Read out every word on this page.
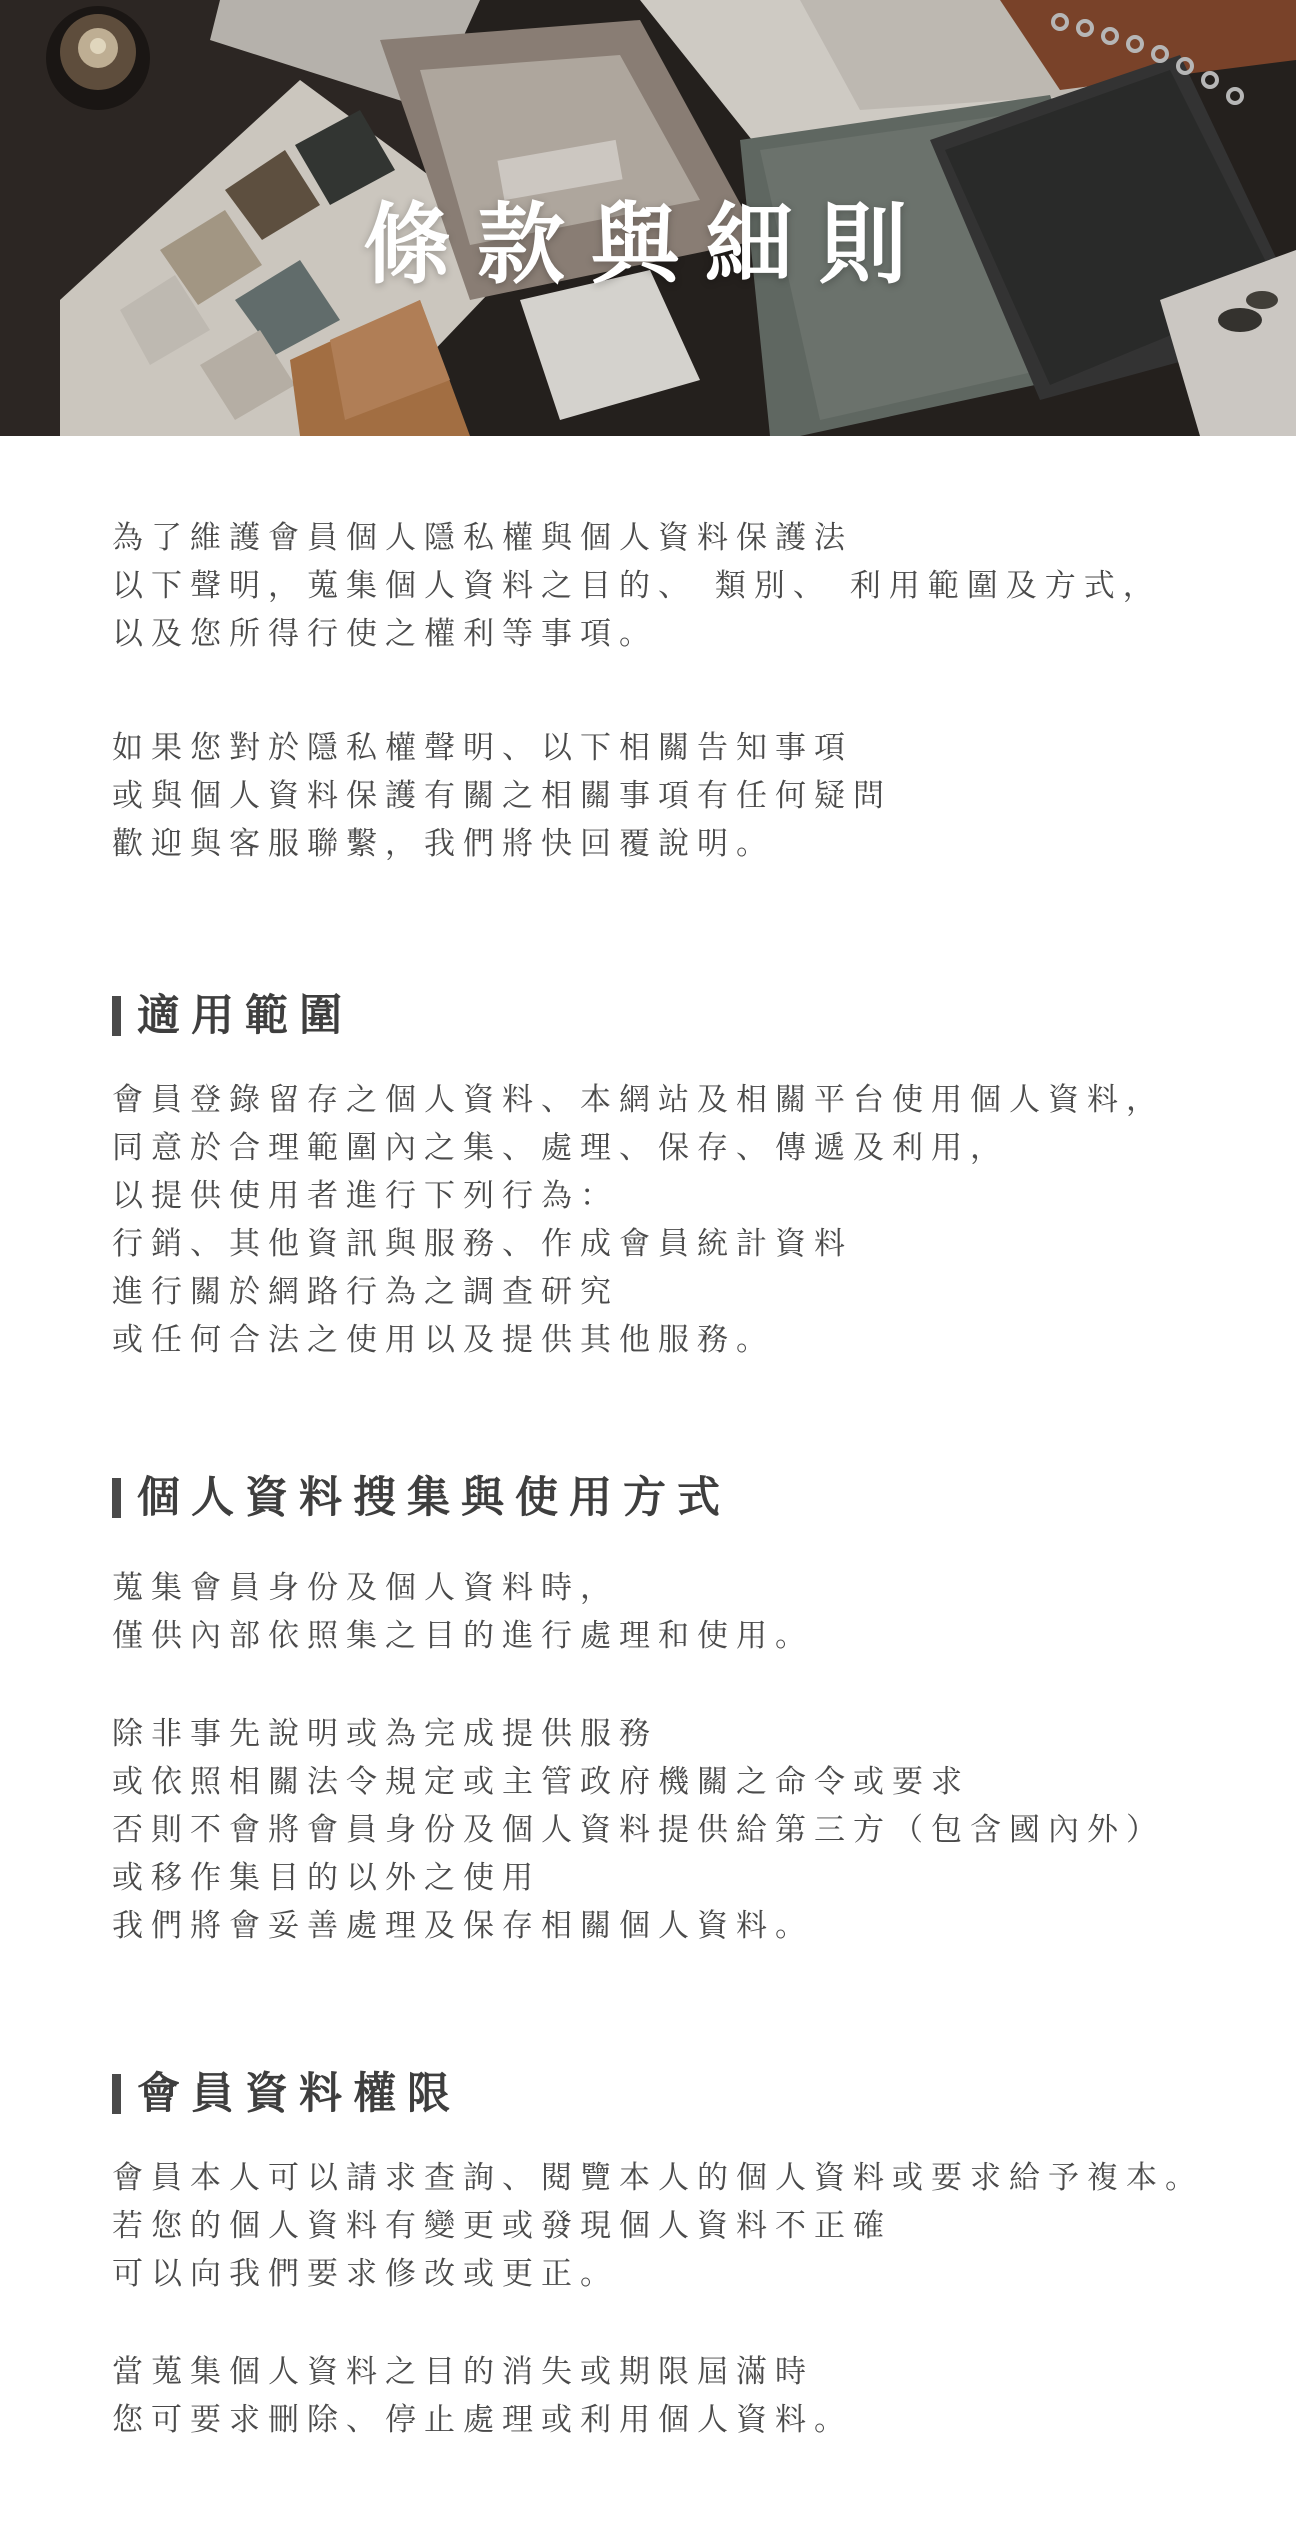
條款與細則
為了維護會員個人隱私權與個人資料保護法
以下聲明，蒐集個人資料之目的、 類別、 利用範圍及方式，
以及您所得行使之權利等事項。
如果您對於隱私權聲明、以下相關告知事項
或與個人資料保護有關之相關事項有任何疑問
歡迎與客服聯繫，我們將快回覆說明。
適用範圍
會員登錄留存之個人資料、本網站及相關平台使用個人資料，
同意於合理範圍內之集、處理、保存、傳遞及利用，
以提供使用者進行下列行為：
行銷、其他資訊與服務、作成會員統計資料
進行關於網路行為之調查研究
或任何合法之使用以及提供其他服務。
個人資料搜集與使用方式
蒐集會員身份及個人資料時，
僅供內部依照集之目的進行處理和使用。
除非事先說明或為完成提供服務
或依照相關法令規定或主管政府機關之命令或要求
否則不會將會員身份及個人資料提供給第三方（包含國內外）
或移作集目的以外之使用
我們將會妥善處理及保存相關個人資料。
會員資料權限
會員本人可以請求查詢、閱覽本人的個人資料或要求給予複本。
若您的個人資料有變更或發現個人資料不正確
可以向我們要求修改或更正。
當蒐集個人資料之目的消失或期限屆滿時
您可要求刪除、停止處理或利用個人資料。
